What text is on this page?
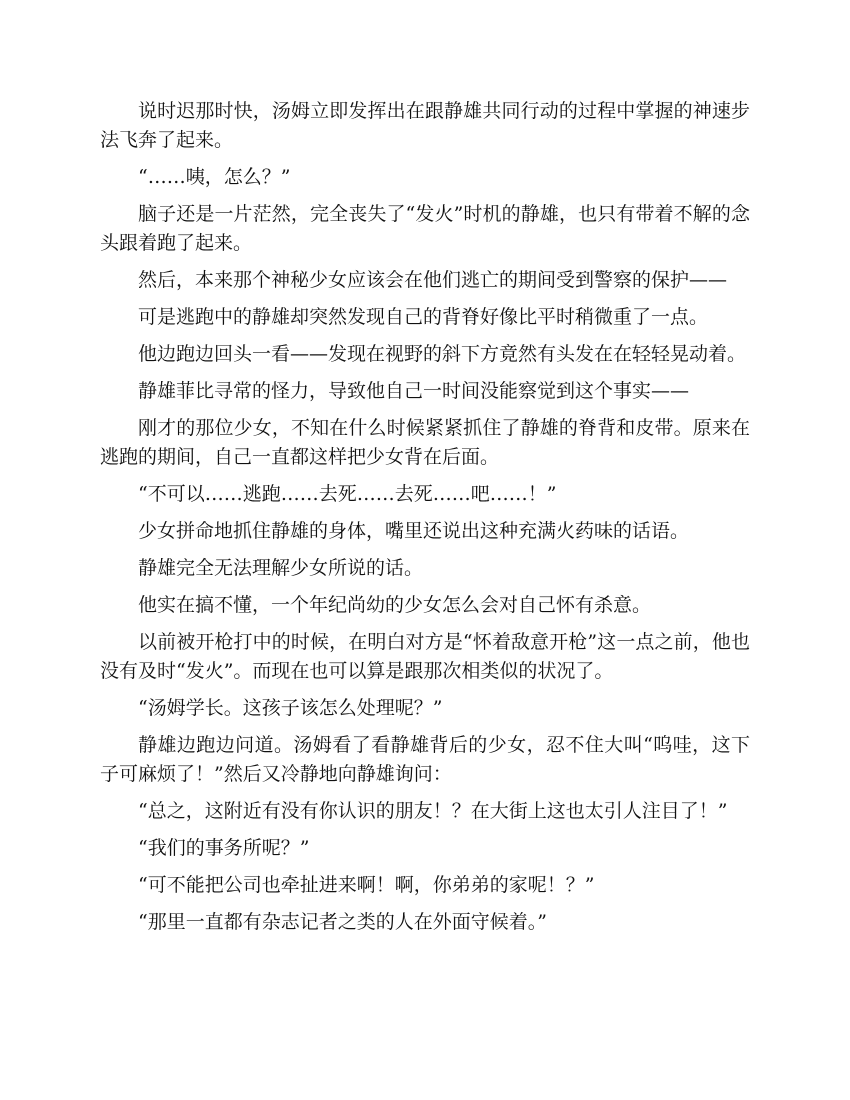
说时迟那时快，汤姆立即发挥出在跟静雄共同行动的过程中掌握的神速步法飞奔了起来。

“……咦，怎么？”

脑子还是一片茫然，完全丧失了“发火”时机的静雄，也只有带着不解的念头跟着跑了起来。

然后，本来那个神秘少女应该会在他们逃亡的期间受到警察的保护——

可是逃跑中的静雄却突然发现自己的背脊好像比平时稍微重了一点。

他边跑边回头一看——发现在视野的斜下方竟然有头发在在轻轻晃动着。

静雄菲比寻常的怪力，导致他自己一时间没能察觉到这个事实——

刚才的那位少女，不知在什么时候紧紧抓住了静雄的脊背和皮带。原来在逃跑的期间，自己一直都这样把少女背在后面。

“不可以……逃跑……去死……去死……吧……！”

少女拼命地抓住静雄的身体，嘴里还说出这种充满火药味的话语。

静雄完全无法理解少女所说的话。

他实在搞不懂，一个年纪尚幼的少女怎么会对自己怀有杀意。

以前被开枪打中的时候，在明白对方是“怀着敌意开枪”这一点之前，他也没有及时“发火”。而现在也可以算是跟那次相类似的状况了。

“汤姆学长。这孩子该怎么处理呢？”

静雄边跑边问道。汤姆看了看静雄背后的少女，忍不住大叫“呜哇，这下子可麻烦了！”然后又冷静地向静雄询问：

“总之，这附近有没有你认识的朋友！？在大街上这也太引人注目了！”

“我们的事务所呢？”

“可不能把公司也牵扯进来啊！啊，你弟弟的家呢！？”

“那里一直都有杂志记者之类的人在外面守候着。”
